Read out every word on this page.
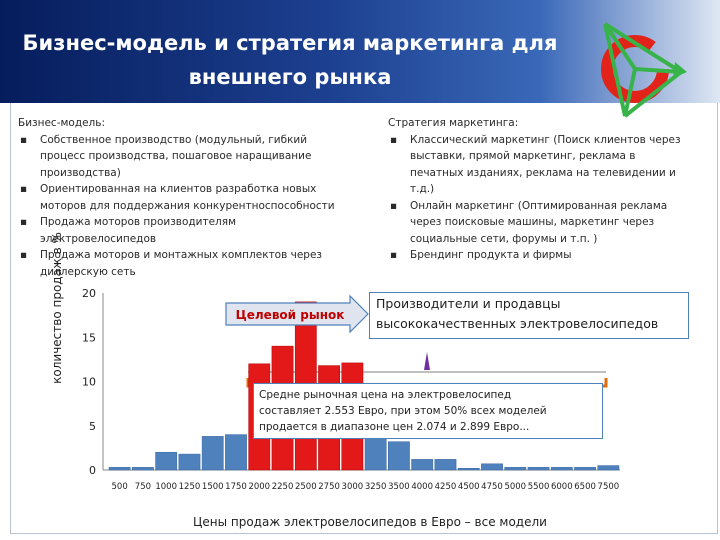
Бизнес-модель и стратегия маркетинга для
внешнего рынка
Бизнес-модель:
▪ Собственное производство (модульный, гибкий
процесс производства, пошаговое наращивание
производства)
▪ Ориентированная на клиентов разработка новых
моторов для поддержания конкурентноспособности
▪ Продажа моторов производителям
электровелосипедов
▪ Продажа моторов и монтажных комплектов через
диллерскую сеть
Стратегия маркетинга:
▪ Классический маркетинг (Поиск клиентов через
выставки, прямой маркетинг, реклама в
печатных изданиях, реклама на телевидении и
т.д.)
▪ Онлайн маркетинг (Оптимированная реклама
через поисковые машины, маркетинг через
социальные сети, форумы и т.п. )
▪ Брендинг продукта и фирмы
0
5
10
15
20
500 750 1000 1250 1500 1750 2000 2250 2500 2750 3000 3250 3500 4000 4250 4500 4750 5000 5500 6000 6500 7500
Целевой рынок
количество продаж в %
Цены продаж электровелосипедов в Евро – все модели
Производители и продавцы
высококачественных электровелосипедов
Средне рыночная цена на электровелосипед
составляет 2.553 Евро, при этом 50% всех моделей
продается в диапазоне цен 2.074 и 2.899 Евро...
